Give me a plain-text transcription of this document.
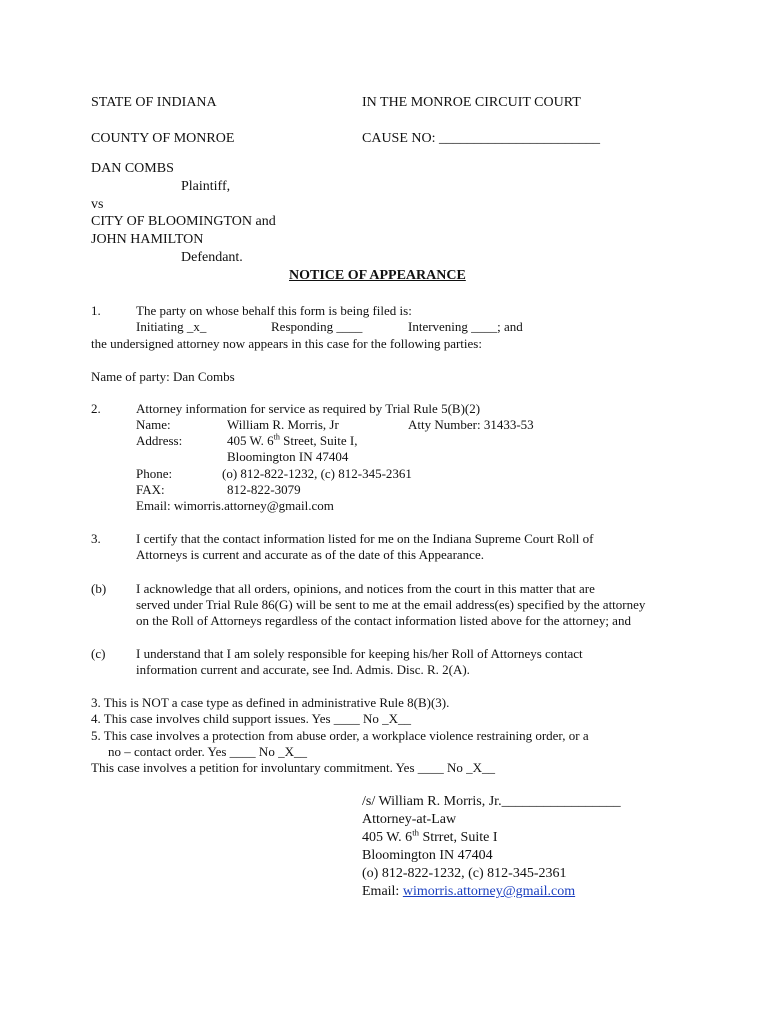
STATE OF INDIANA	IN THE MONROE CIRCUIT COURT
COUNTY OF MONROE	CAUSE NO: _______________________
DAN COMBS
Plaintiff,
vs
CITY OF BLOOMINGTON and
JOHN HAMILTON
Defendant.
NOTICE OF APPEARANCE
1.	The party on whose behalf this form is being filed is:
Initiating _x_	Responding ____	Intervening ____; and
the undersigned attorney now appears in this case for the following parties:
Name of party: Dan Combs
2.	Attorney information for service as required by Trial Rule 5(B)(2)
Name:	William R. Morris, Jr	Atty Number: 31433-53
Address:	405 W. 6th Street, Suite I,
Bloomington IN 47404
Phone:	(o) 812-822-1232, (c) 812-345-2361
FAX:	812-822-3079
Email: wimorris.attorney@gmail.com
3.	I certify that the contact information listed for me on the Indiana Supreme Court Roll of
Attorneys is current and accurate as of the date of this Appearance.
(b) I acknowledge that all orders, opinions, and notices from the court in this matter that are
served under Trial Rule 86(G) will be sent to me at the email address(es) specified by the attorney
on the Roll of Attorneys regardless of the contact information listed above for the attorney; and
(c) I understand that I am solely responsible for keeping his/her Roll of Attorneys contact
information current and accurate, see Ind. Admis. Disc. R. 2(A).
3. This is NOT a case type as defined in administrative Rule 8(B)(3).
4. This case involves child support issues. Yes ____ No _X__
5. This case involves a protection from abuse order, a workplace violence restraining order, or a
no – contact order. Yes ____ No _X__
This case involves a petition for involuntary commitment. Yes ____ No _X__
/s/ William R. Morris, Jr._________________
Attorney-at-Law
405 W. 6th Strret, Suite I
Bloomington IN 47404
(o) 812-822-1232, (c) 812-345-2361
Email: wimorris.attorney@gmail.com
